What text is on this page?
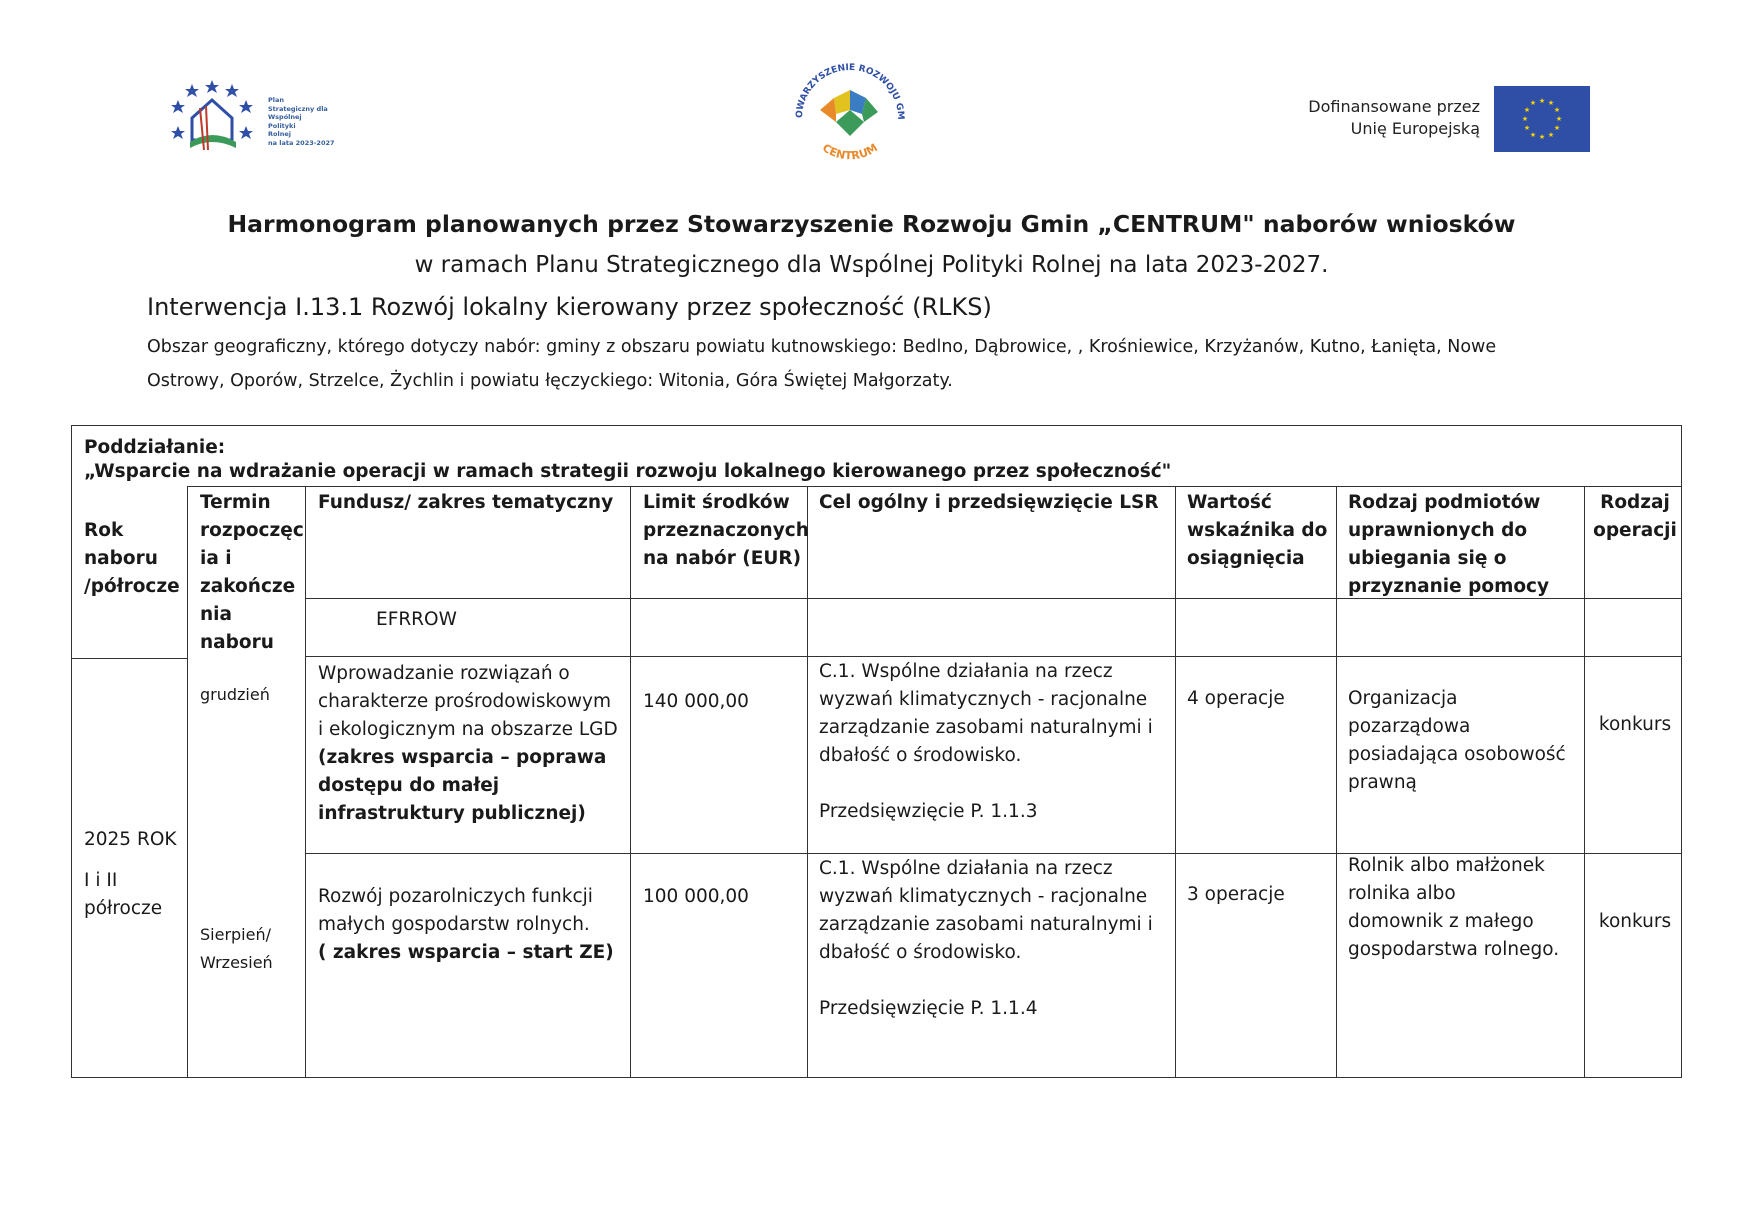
Plan
Strategiczny dla
Wspólnej
Polityki
Rolnej
na lata 2023-2027
OWARZYSZENIE ROZWOJU GM
CENTRUM
Dofinansowane przez
Unię Europejską
★ ★
★
★
★
★
★
★
★
★
★
★
Harmonogram planowanych przez Stowarzyszenie Rozwoju Gmin „CENTRUM" naborów wniosków
w ramach Planu Strategicznego dla Wspólnej Polityki Rolnej na lata 2023-2027.
Interwencja I.13.1 Rozwój lokalny kierowany przez społeczność (RLKS)
Obszar geograficzny, którego dotyczy nabór: gminy z obszaru powiatu kutnowskiego: Bedlno, Dąbrowice, , Krośniewice, Krzyżanów, Kutno, Łanięta, Nowe
Ostrowy, Oporów, Strzelce, Żychlin i powiatu łęczyckiego: Witonia, Góra Świętej Małgorzaty.
Poddziałanie:
„Wsparcie na wdrażanie operacji w ramach strategii rozwoju lokalnego kierowanego przez społeczność"
Rok
naboru
/półrocze
Termin
rozpoczęc
ia i
zakończe
nia
naboru
Fundusz/ zakres tematyczny
EFRROW
Limit środków
przeznaczonych
na nabór (EUR)
Cel ogólny i przedsięwzięcie LSR Wartość
wskaźnika do
osiągnięcia
Rodzaj podmiotów
uprawnionych do
ubiegania się o
przyznanie pomocy
Rodzaj
operacji
2025 ROK
I i II
półrocze
grudzień
Wprowadzanie rozwiązań o
charakterze prośrodowiskowym
i ekologicznym na obszarze LGD
(zakres wsparcia – poprawa
dostępu do małej
infrastruktury publicznej)
140 000,00
C.1. Wspólne działania na rzecz
wyzwań klimatycznych - racjonalne
zarządzanie zasobami naturalnymi i
dbałość o środowisko.
Przedsięwzięcie P. 1.1.3
4 operacje	Organizacja
pozarządowa
posiadająca osobowość
prawną
konkurs
Sierpień/
Wrzesień
Rozwój pozarolniczych funkcji
małych gospodarstw rolnych.
( zakres wsparcia – start ZE)
100 000,00
C.1. Wspólne działania na rzecz
wyzwań klimatycznych - racjonalne
zarządzanie zasobami naturalnymi i
dbałość o środowisko.
Przedsięwzięcie P. 1.1.4
3 operacje
Rolnik albo małżonek
rolnika albo
domownik z małego
gospodarstwa rolnego.
konkurs
